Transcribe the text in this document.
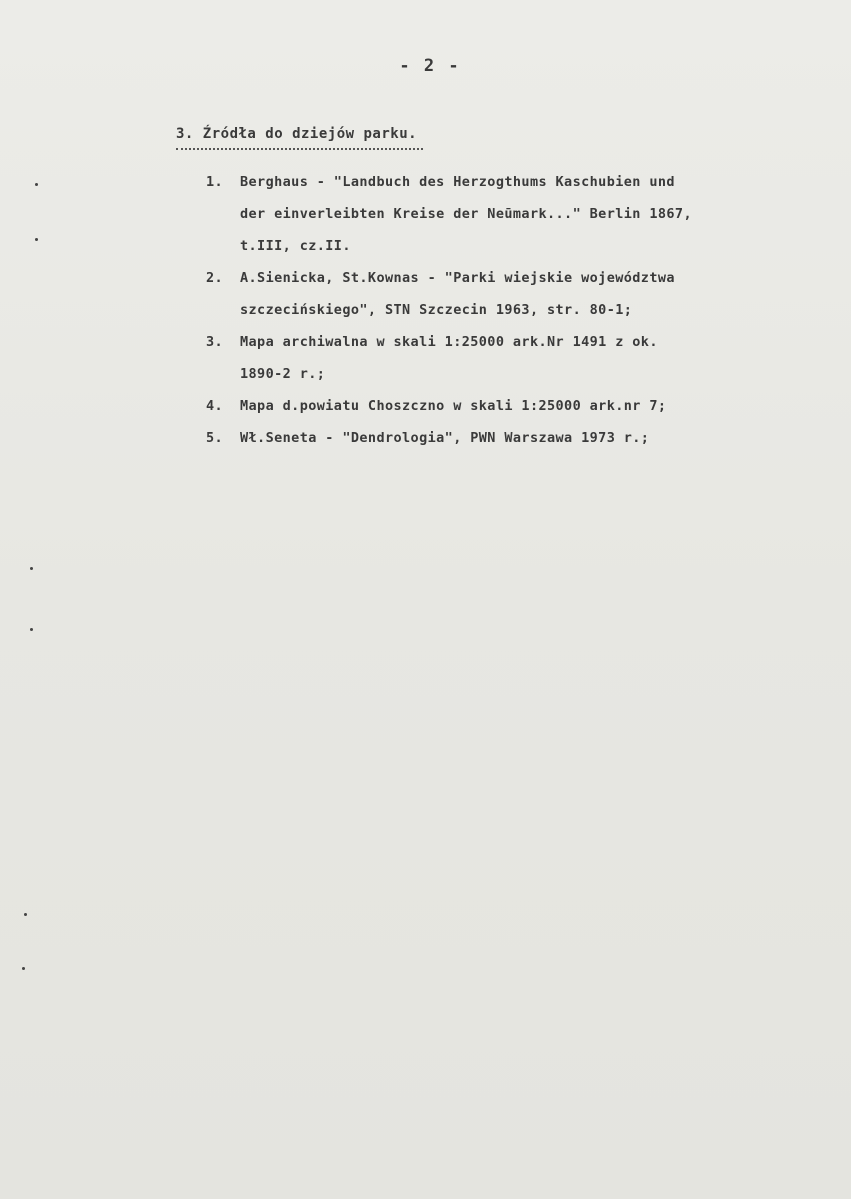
- 2 -
3. Źródła do dziejów parku.
1. Berghaus - "Landbuch des Herzogthums Kaschubien und
der einverleibten Kreise der Neūmark..." Berlin 1867,
t.III, cz.II.
2. A.Sienicka, St.Kownas - "Parki wiejskie województwa
szczecińskiego", STN Szczecin 1963, str. 80-1;
3. Mapa archiwalna w skali 1:25000 ark.Nr 1491 z ok.
1890-2 r.;
4. Mapa d.powiatu Choszczno w skali 1:25000 ark.nr 7;
5. Wł.Seneta - "Dendrologia", PWN Warszawa 1973 r.;
